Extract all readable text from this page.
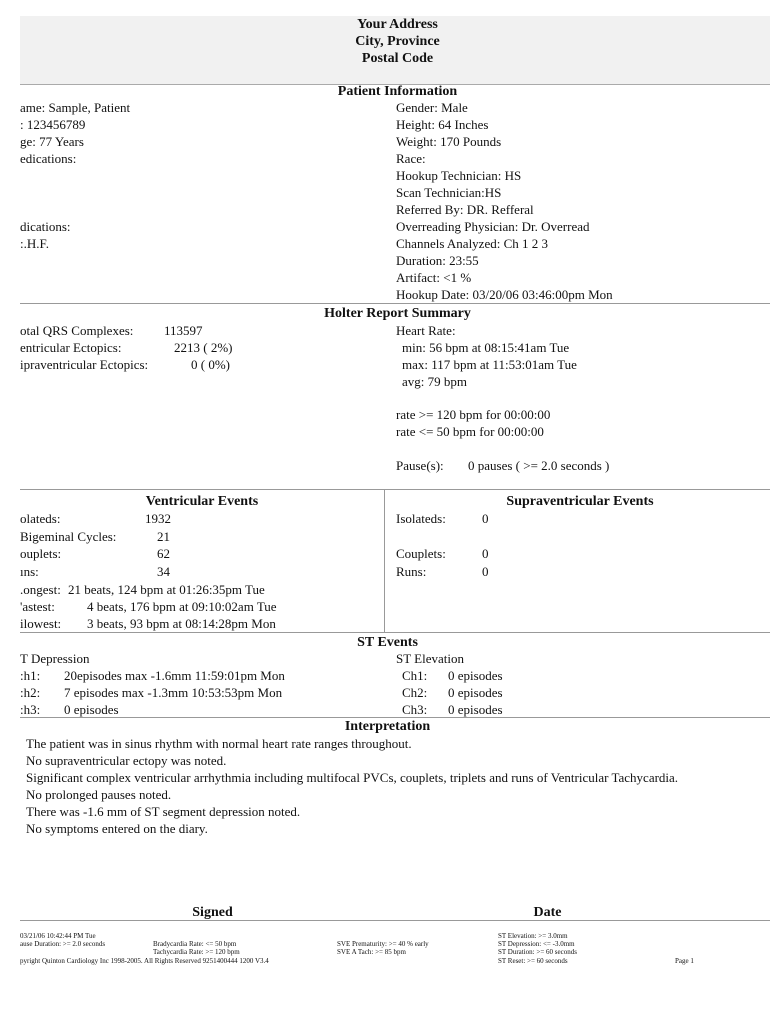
Your Address
City, Province
Postal Code
Patient Information
ame: Sample, Patient
: 123456789
ge: 77 Years
edications:
dications:
:.H.F.
Gender: Male
Height: 64 Inches
Weight: 170 Pounds
Race:
Hookup Technician: HS
Scan Technician:HS
Referred By: DR. Refferal
Overreading Physician: Dr. Overread
Channels Analyzed: Ch 1 2 3
Duration: 23:55
Artifact: <1 %
Hookup Date: 03/20/06 03:46:00pm Mon
Holter Report Summary
otal QRS Complexes: 113597
entricular Ectopics:	2213 ( 2%)
ipraventricular Ectopics:	0 ( 0%)
Heart Rate:
min: 56 bpm at 08:15:41am Tue
max: 117 bpm at 11:53:01am Tue
avg: 79 bpm
rate >= 120 bpm for 00:00:00
rate <= 50 bpm for 00:00:00
Pause(s): 0 pauses ( >= 2.0 seconds )
Ventricular Events
olateds:	1932
Bigeminal Cycles:	21
ouplets:	62
ıns:	34
.ongest: 21 beats, 124 bpm at 01:26:35pm Tue
'astest: 4 beats, 176 bpm at 09:10:02am Tue
ilowest: 3 beats, 93 bpm at 08:14:28pm Mon
Supraventricular Events
Isolateds:	0
Couplets:	0
Runs:	0
ST Events
T Depression
:h1: 20episodes max -1.6mm 11:59:01pm Mon
:h2: 7 episodes max -1.3mm 10:53:53pm Mon
:h3: 0 episodes
ST Elevation
Ch1: 0 episodes
Ch2: 0 episodes
Ch3: 0 episodes
Interpretation
The patient was in sinus rhythm with normal heart rate ranges throughout.
No supraventricular ectopy was noted.
Significant complex ventricular arrhythmia including multifocal PVCs, couplets, triplets and runs of Ventricular Tachycardia.
No prolonged pauses noted.
There was -1.6 mm of ST segment depression noted.
No symptoms entered on the diary.
Signed	Date
03/21/06 10:42:44 PM Tue
ause Duration: >= 2.0 seconds	Bradycardia Rate: <= 50 bpm
Tachycardia Rate: >= 120 bpm
SVE Prematurity: >= 40 % early
SVE A Tach: >= 85 bpm
ST Elevation: >= 3.0mm
ST Depression: <= -3.0mm
ST Duration: >= 60 seconds
ST Reset: >= 60 seconds
pyright Quinton Cardiology Inc 1998-2005. All Rights Reserved 9251400444 1200 V3.4	Page 1
